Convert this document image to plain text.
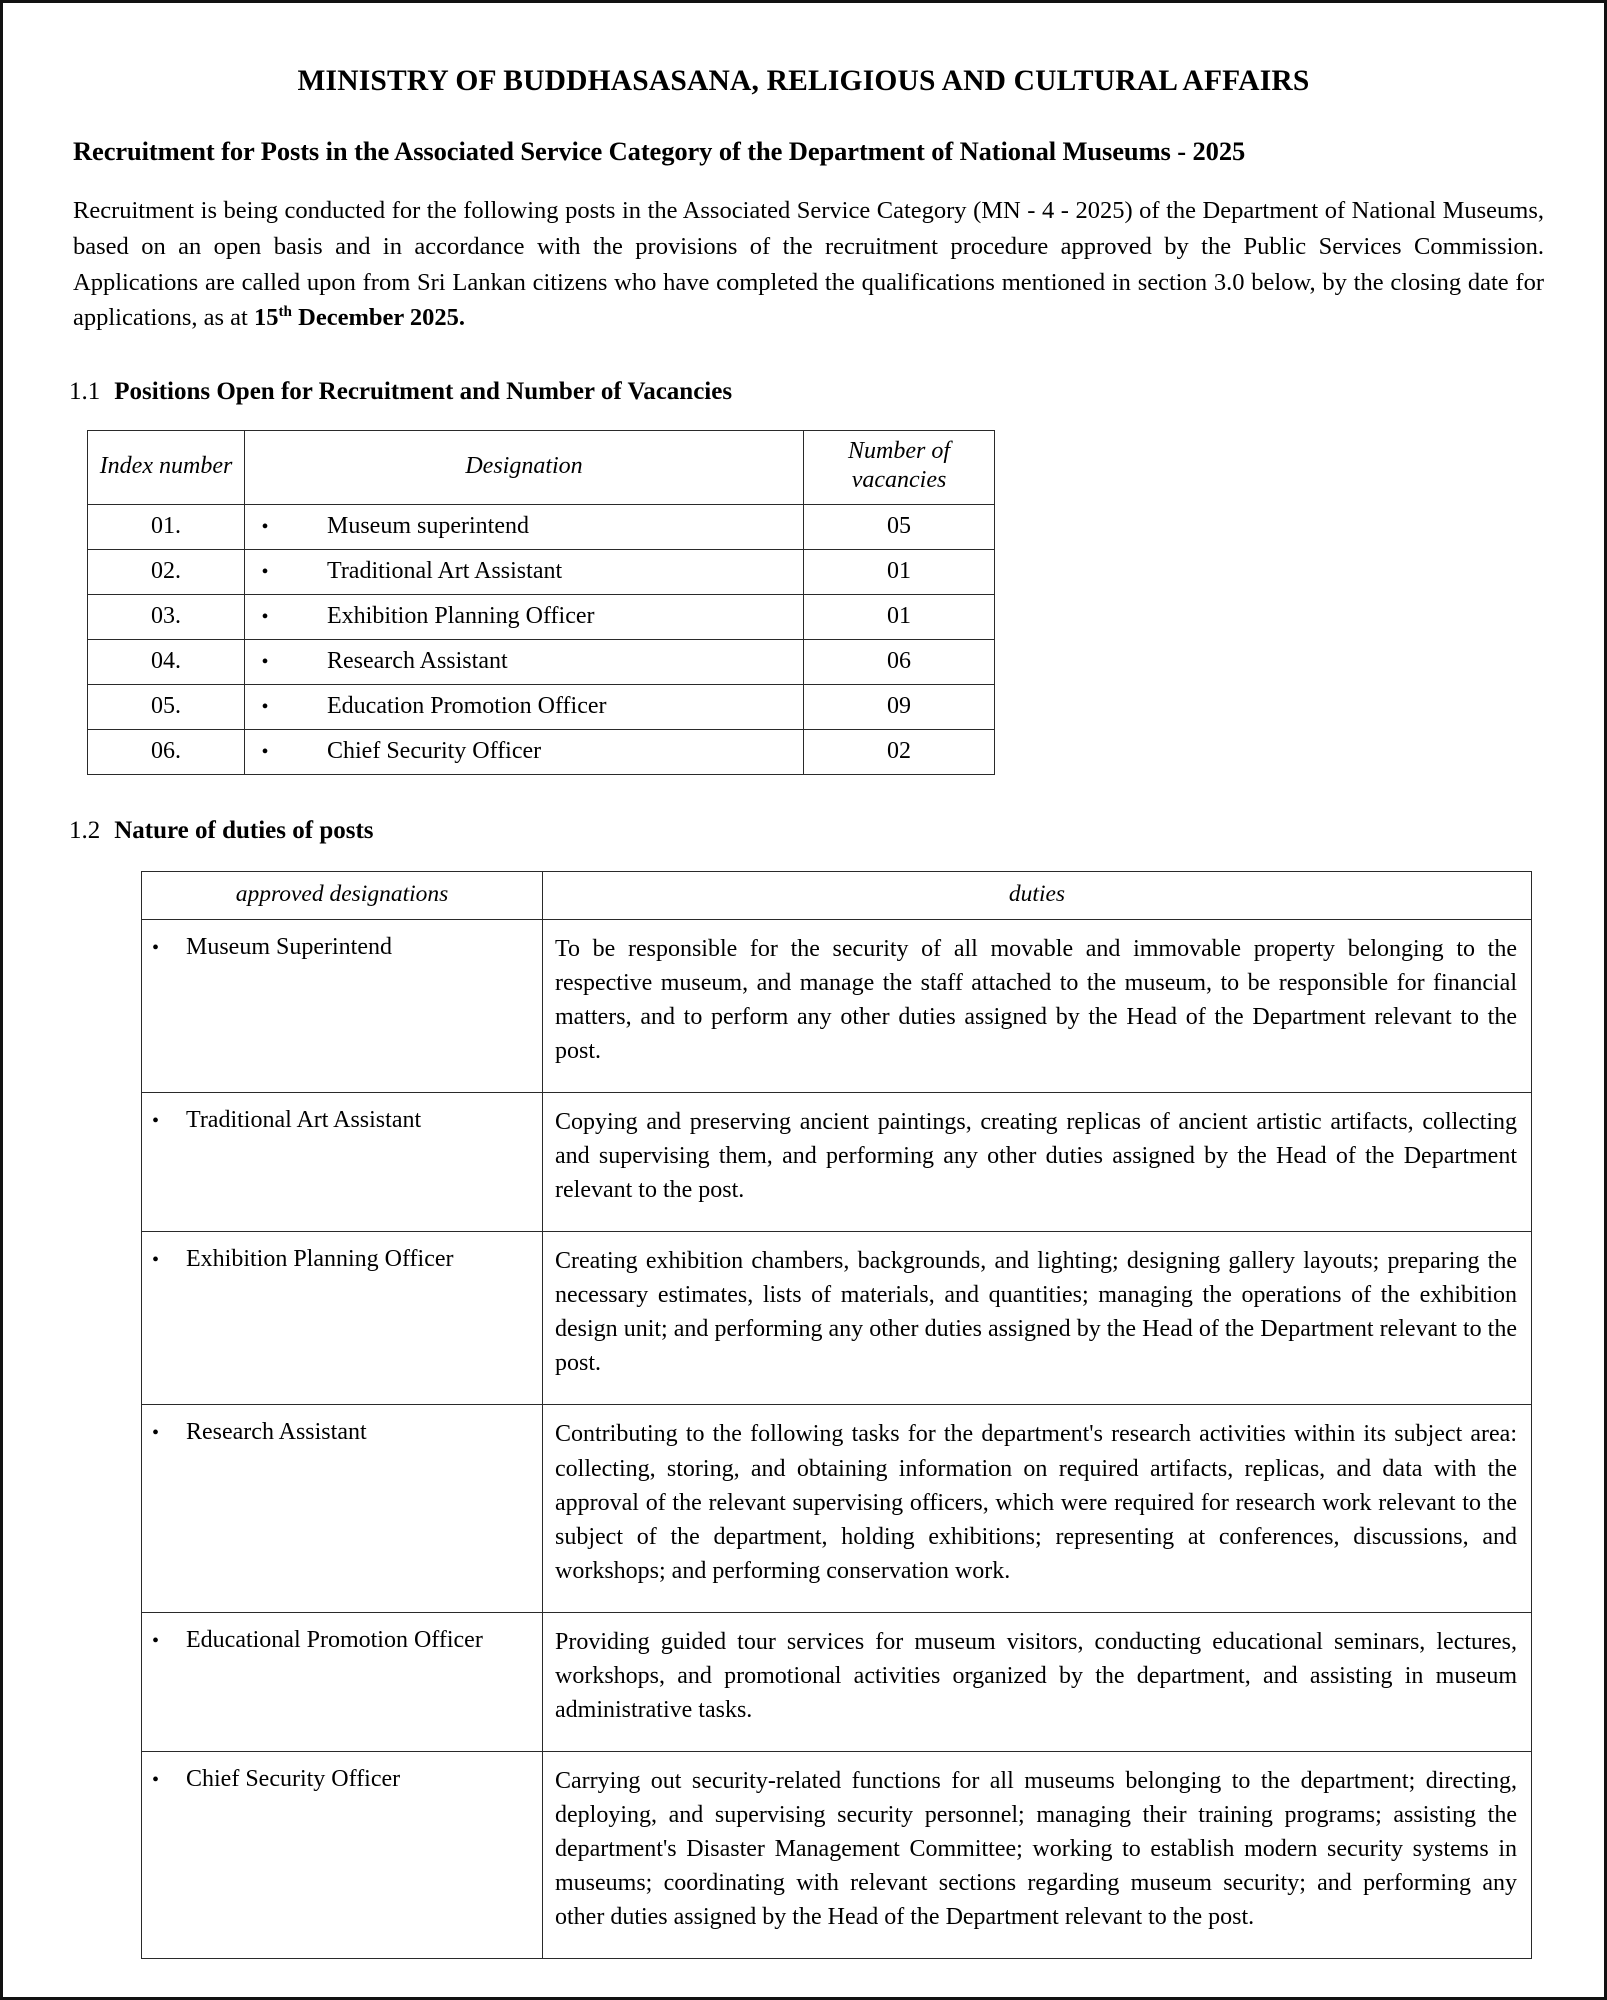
MINISTRY OF BUDDHASASANA, RELIGIOUS AND CULTURAL AFFAIRS
Recruitment for Posts in the Associated Service Category of the Department of National Museums - 2025

Recruitment is being conducted for the following posts in the Associated Service Category (MN - 4 - 2025) of the Department of National Museums, based on an open basis and in accordance with the provisions of the recruitment procedure approved by the Public Services Commission. Applications are called upon from Sri Lankan citizens who have completed the qualifications mentioned in section 3.0 below, by the closing date for applications, as at 15th December 2025.

1.1 Positions Open for Recruitment and Number of Vacancies
Index number	Designation	Number of vacancies
01.	• Museum superintend	05
02.	• Traditional Art Assistant	01
03.	• Exhibition Planning Officer	01
04.	• Research Assistant	06
05.	• Education Promotion Officer	09
06.	• Chief Security Officer	02
1.2 Nature of duties of posts
approved designations	duties

• Museum Superintend	To be responsible for the security of all movable and immovable property belonging to the respective museum, and manage the staff attached to the museum, to be responsible for financial matters, and to perform any other duties assigned by the Head of the Department relevant to the post.

• Traditional Art Assistant	Copying and preserving ancient paintings, creating replicas of ancient artistic artifacts, collecting and supervising them, and performing any other duties assigned by the Head of the Department relevant to the post.

• Exhibition Planning Officer	Creating exhibition chambers, backgrounds, and lighting; designing gallery layouts; preparing the necessary estimates, lists of materials, and quantities; managing the operations of the exhibition design unit; and performing any other duties assigned by the Head of the Department relevant to the post.

• Research Assistant	Contributing to the following tasks for the department's research activities within its subject area: collecting, storing, and obtaining information on required artifacts, replicas, and data with the approval of the relevant supervising officers, which were required for research work relevant to the subject of the department, holding exhibitions; representing at conferences, discussions, and workshops; and performing conservation work.

• Educational Promotion Officer	Providing guided tour services for museum visitors, conducting educational seminars, lectures, workshops, and promotional activities organized by the department, and assisting in museum administrative tasks.

• Chief Security Officer	Carrying out security-related functions for all museums belonging to the department; directing, deploying, and supervising security personnel; managing their training programs; assisting the department's Disaster Management Committee; working to establish modern security systems in museums; coordinating with relevant sections regarding museum security; and performing any other duties assigned by the Head of the Department relevant to the post.
